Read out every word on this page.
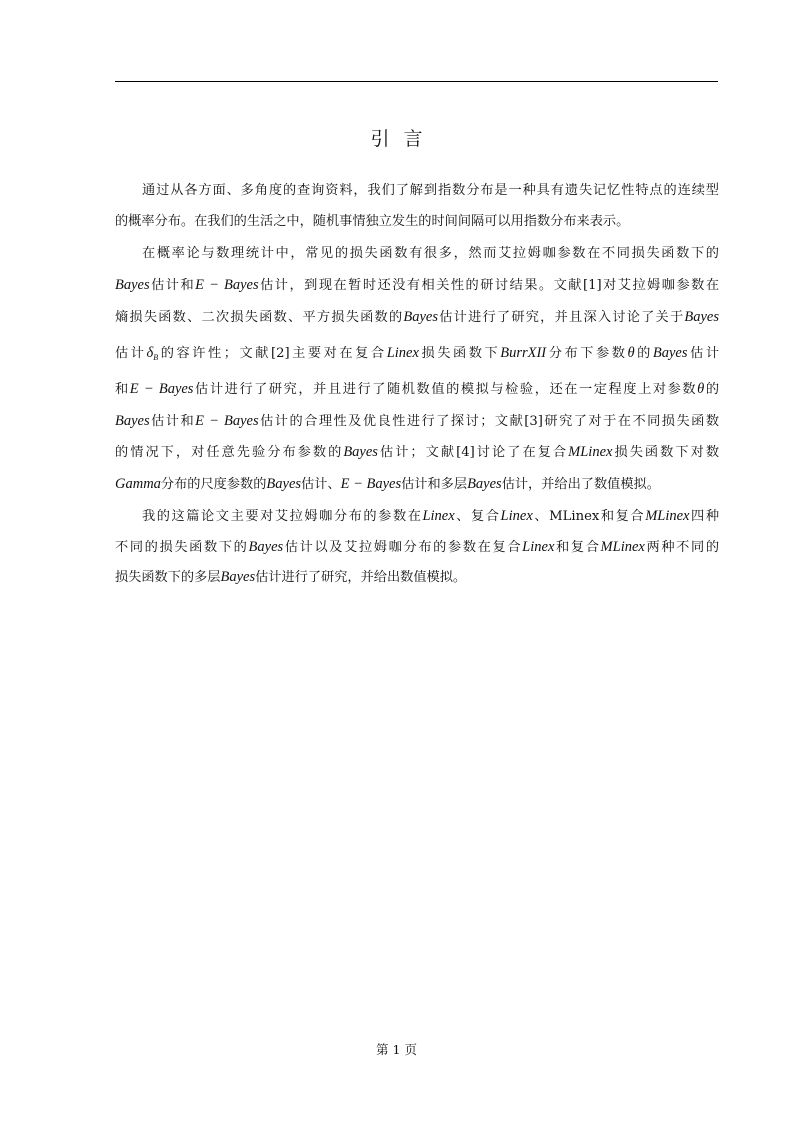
引言
通过从各方面、多角度的查询资料，我们了解到指数分布是一种具有遗失记忆性特点的连续型
的概率分布。在我们的生活之中，随机事情独立发生的时间间隔可以用指数分布来表示。
在概率论与数理统计中，常见的损失函数有很多，然而艾拉姆咖参数在不同损失函数下的
Bayes估计和E − Bayes估计，到现在暂时还没有相关性的研讨结果。文献[1]对艾拉姆咖参数在
熵损失函数、二次损失函数、平方损失函数的Bayes估计进行了研究，并且深入讨论了关于Bayes
估计$\delta_B$的容许性；文献[2]主要对在复合Linex损失函数下BurrXII分布下参数θ的Bayes估计
和E − Bayes估计进行了研究，并且进行了随机数值的模拟与检验，还在一定程度上对参数θ的
Bayes估计和E − Bayes估计的合理性及优良性进行了探讨；文献[3]研究了对于在不同损失函数
的情况下，对任意先验分布参数的Bayes估计；文献[4]讨论了在复合MLinex损失函数下对数
Gamma分布的尺度参数的Bayes估计、E − Bayes估计和多层Bayes估计，并给出了数值模拟。
我的这篇论文主要对艾拉姆咖分布的参数在Linex、复合Linex、MLinex和复合MLinex四种
不同的损失函数下的Bayes估计以及艾拉姆咖分布的参数在复合Linex和复合MLinex两种不同的
损失函数下的多层Bayes估计进行了研究，并给出数值模拟。
第 1 页
